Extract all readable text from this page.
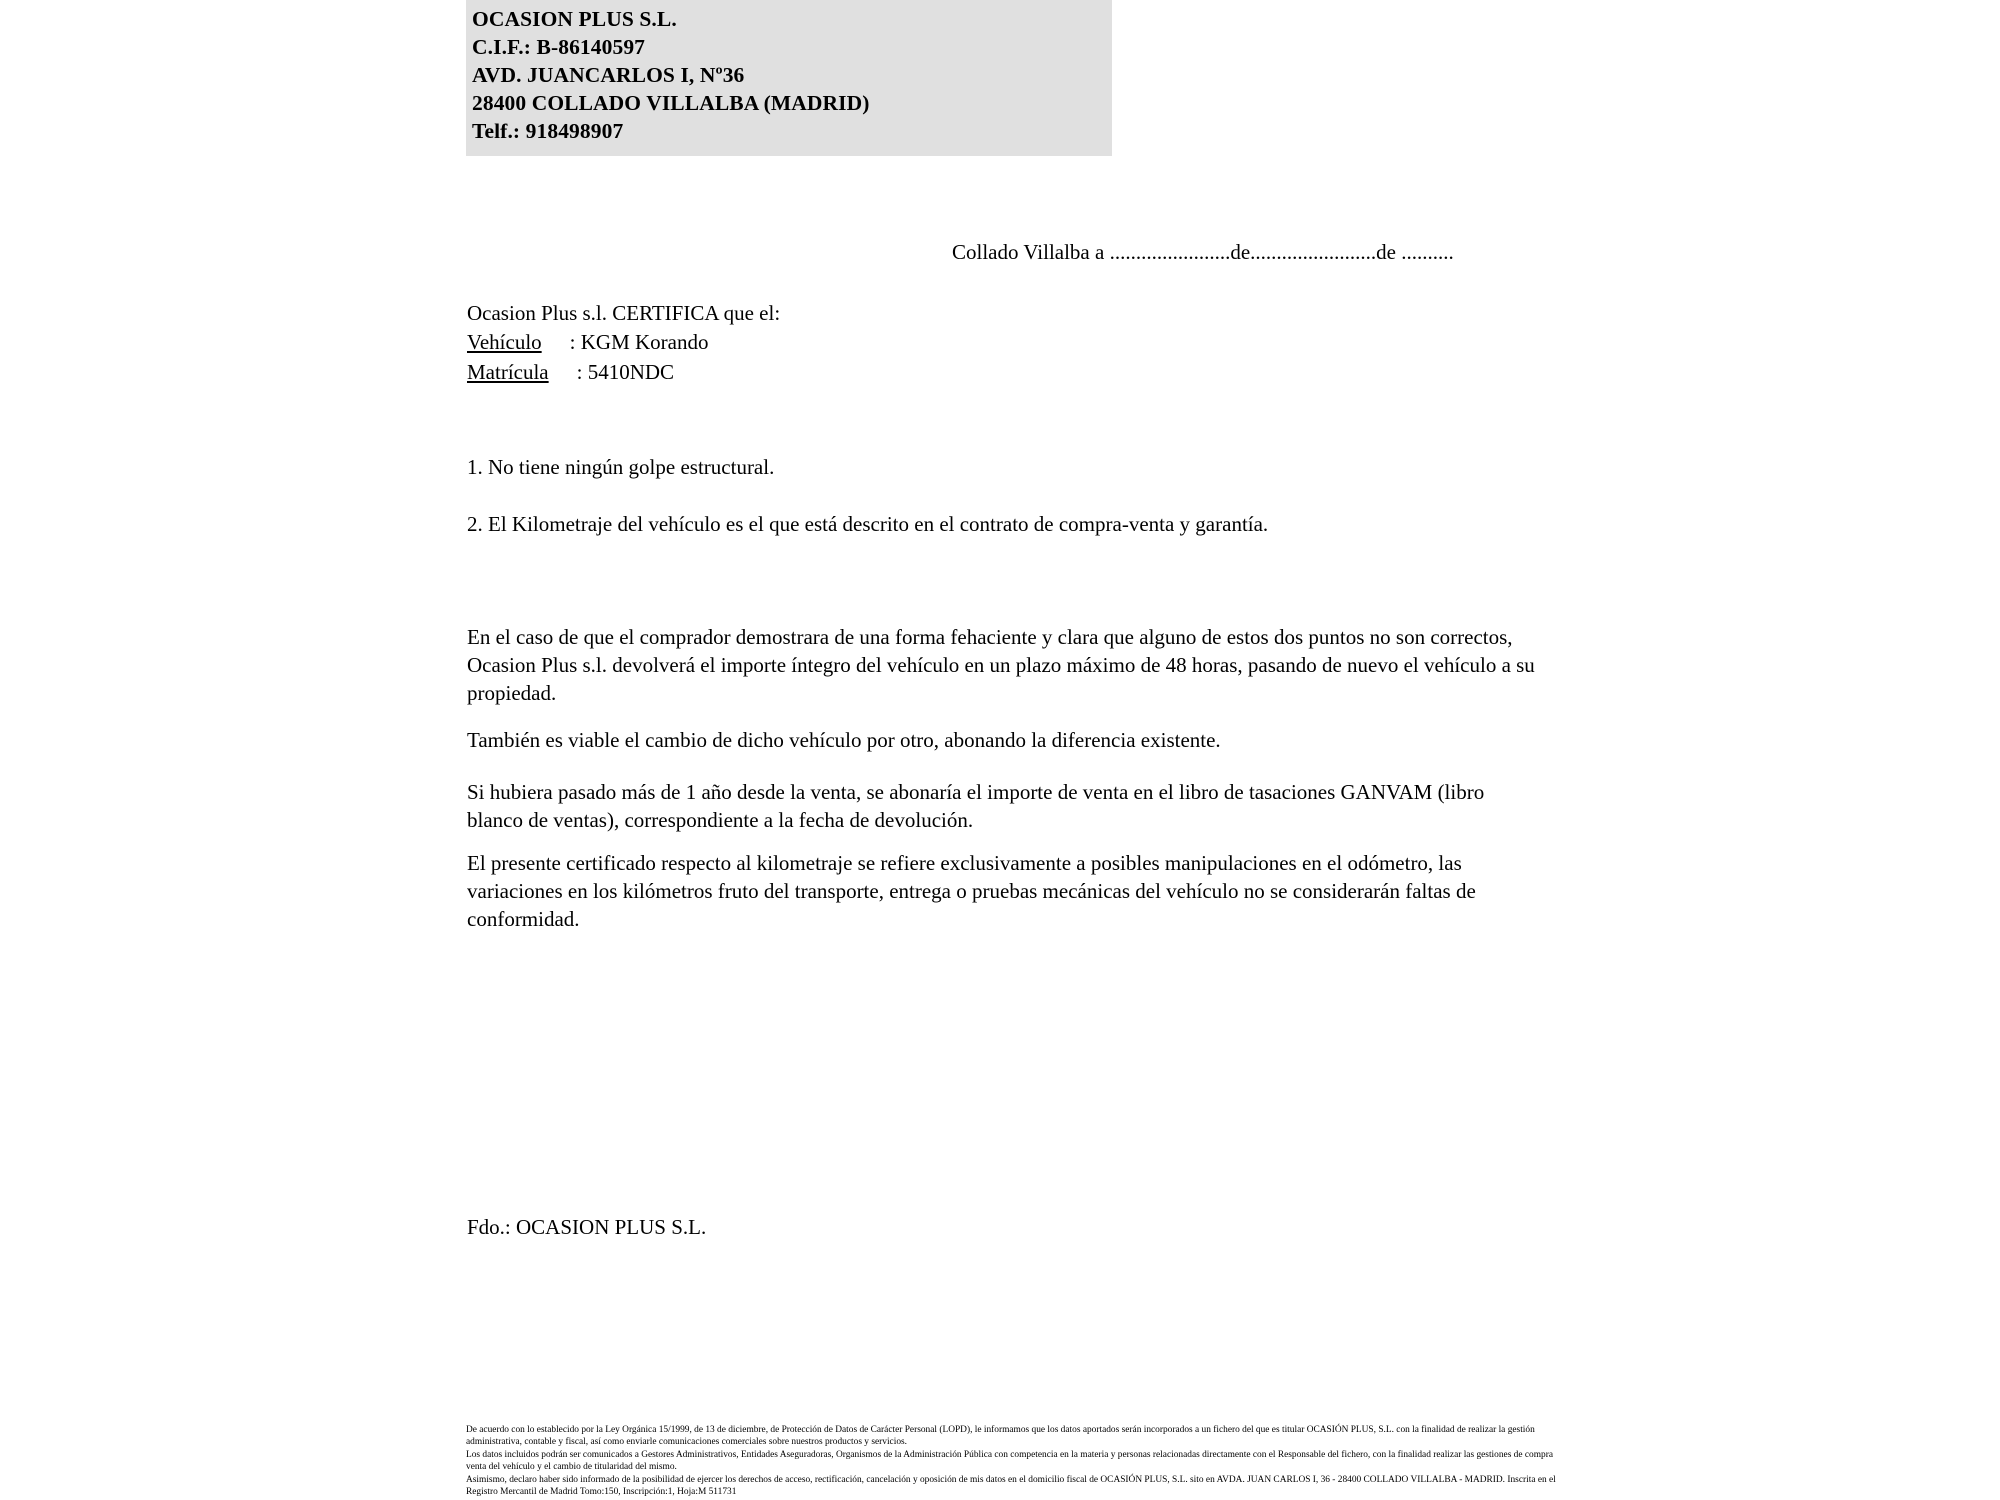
OCASION PLUS S.L.
C.I.F.: B-86140597
AVD. JUANCARLOS I, Nº36
28400 COLLADO VILLALBA (MADRID)
Telf.: 918498907
Collado Villalba a .......................de........................de ..........
Ocasion Plus s.l. CERTIFICA que el:
Vehículo : KGM Korando
Matrícula : 5410NDC
1. No tiene ningún golpe estructural.
2. El Kilometraje del vehículo es el que está descrito en el contrato de compra-venta y garantía.
En el caso de que el comprador demostrara de una forma fehaciente y clara que alguno de estos dos puntos no son correctos, Ocasion Plus s.l. devolverá el importe íntegro del vehículo en un plazo máximo de 48 horas, pasando de nuevo el vehículo a su propiedad.
También es viable el cambio de dicho vehículo por otro, abonando la diferencia existente.
Si hubiera pasado más de 1 año desde la venta, se abonaría el importe de venta en el libro de tasaciones GANVAM (libro blanco de ventas), correspondiente a la fecha de devolución.
El presente certificado respecto al kilometraje se refiere exclusivamente a posibles manipulaciones en el odómetro, las variaciones en los kilómetros fruto del transporte, entrega o pruebas mecánicas del vehículo no se considerarán faltas de conformidad.
Fdo.: OCASION PLUS S.L.

De acuerdo con lo establecido por la Ley Orgánica 15/1999, de 13 de diciembre, de Protección de Datos de Carácter Personal (LOPD), le informamos que los datos aportados serán incorporados a un fichero del que es titular OCASIÓN PLUS, S.L. con la finalidad de realizar la gestión administrativa, contable y fiscal, así como enviarle comunicaciones comerciales sobre nuestros productos y servicios.

Los datos incluidos podrán ser comunicados a Gestores Administrativos, Entidades Aseguradoras, Organismos de la Administración Pública con competencia en la materia y personas relacionadas directamente con el Responsable del fichero, con la finalidad realizar las gestiones de compra venta del vehículo y el cambio de titularidad del mismo.

Asimismo, declaro haber sido informado de la posibilidad de ejercer los derechos de acceso, rectificación, cancelación y oposición de mis datos en el domicilio fiscal de OCASIÓN PLUS, S.L. sito en AVDA. JUAN CARLOS I, 36 - 28400 COLLADO VILLALBA - MADRID. Inscrita en el Registro Mercantil de Madrid Tomo:150, Inscripción:1, Hoja:M 511731
